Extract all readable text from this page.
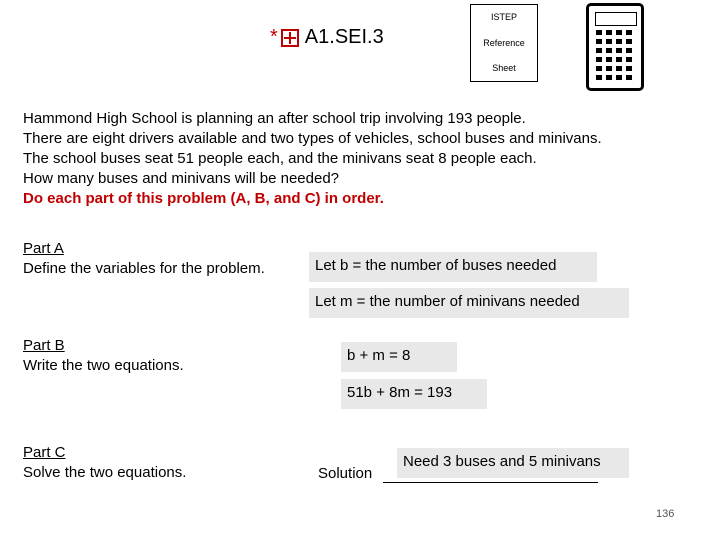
* A1.SEI.3
ISTEP
Reference
Sheet
Hammond High School is planning an after school trip involving 193 people.
There are eight drivers available and two types of vehicles, school buses and minivans.
The school buses seat 51 people each, and the minivans seat 8 people each.
How many buses and minivans will be needed?
Do each part of this problem (A, B, and C) in order.
Part A
Define the variables for the problem.	Let b = the number of buses needed
Let m = the number of minivans needed
Part B
Write the two equations.
b + m = 8
51b + 8m = 193
Part C
Solve the two equations.	Solution
Need 3 buses and 5 minivans
136
